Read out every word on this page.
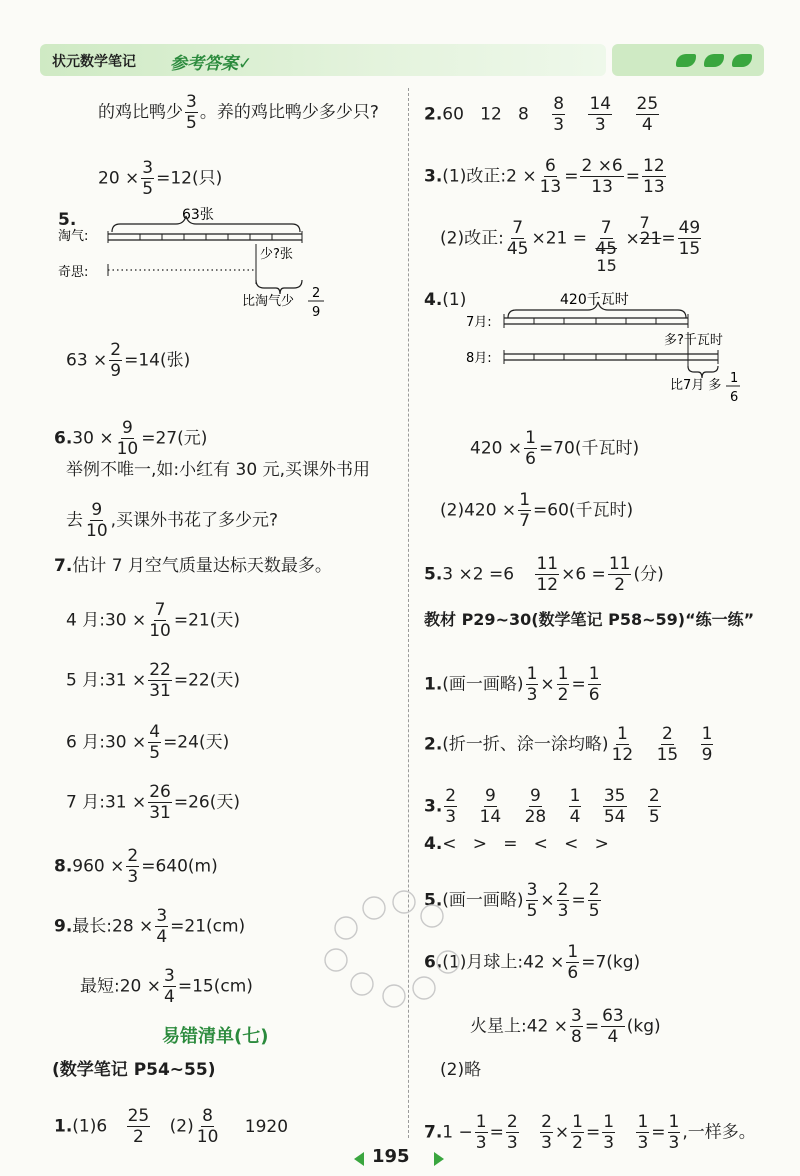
状元数学笔记 参考答案✓
的鸡比鸭少 $\frac{3}{5}$ 。养的鸡比鸭少多少只?
$20 \times \frac{3}{5} =12$(只)
5.	63张
淘气:
奇思:
少?张
比淘气少
2
9
$63 \times \frac{2}{9} =14$(张)
$6.30 \times \frac{9}{10} =27$(元)
举例不唯一,如:小红有 30 元,买课外书用
去 $\frac{9}{10}$ ,买课外书花了多少元?
7.估计 7 月空气质量达标天数最多。
4 月:30 × $\frac{7}{10} =21$(天)
5 月:31 × $\frac{22}{31} =22$(天)
6 月:30 × $\frac{4}{5} =24$(天)
7 月:31 × $\frac{26}{31} =26$(天)
$8.960 \times \frac{2}{3} =640(m)$
9.最长:28 × $\frac{3}{4} =21(cm)$
最短:20 × $\frac{3}{4} =15(cm)$
易错清单(七)
(数学笔记 P54~55)
$1.(1)6 \frac{25}{2} (2) \frac{8}{10} 1920$
2.60   12   $8 \frac{8}{3}$
$\frac{14}{3}$
$\frac{25}{4}$
3.(1)改正:2 × $\frac{6}{13} = \frac{2 \times 6}{13} = \frac{12}{13}$
(2)改正: $\frac{7}{45} \times 21$ =
7
45
15

7
$\times 21= \frac{49}{15}$
4.(1)	420千瓦时
7月:
多?千瓦时
8月:
比7月 多 1
6
$420 \times \frac{1}{6} =70$(千瓦时)
$(2)420 \times \frac{1}{7} =60$(千瓦时)
$5.3 \times 2 =6 \frac{11}{12} \times 6 = \frac{11}{2}$ (分)
教材 P29~30(数学笔记 P58~59)“练一练”
1.(画一画略) $\frac{1}{3} \times \frac{1}{2} = \frac{1}{6}$
2.(折一折、涂一涂均略) $\frac{1}{12}$
$\frac{2}{15}$
$\frac{1}{9}$
3. $\frac{2}{3}$
$\frac{9}{14}$
$\frac{9}{28}$
$\frac{1}{4}$
$\frac{35}{54}$
$\frac{2}{5}$
4.<   >   =   <   <   >
5.(画一画略) $\frac{3}{5} \times \frac{2}{3} = \frac{2}{5}$
6.(1)月球上:42 × $\frac{1}{6} =7(kg)$
火星上:42 × $\frac{3}{8} = \frac{63}{4} (kg)$
(2)略
$7.1 - \frac{1}{3} = \frac{2}{3}$
$\frac{2}{3} \times \frac{1}{2} = \frac{1}{3}$
$\frac{1}{3} = \frac{1}{3}$ ,一样多。
195
